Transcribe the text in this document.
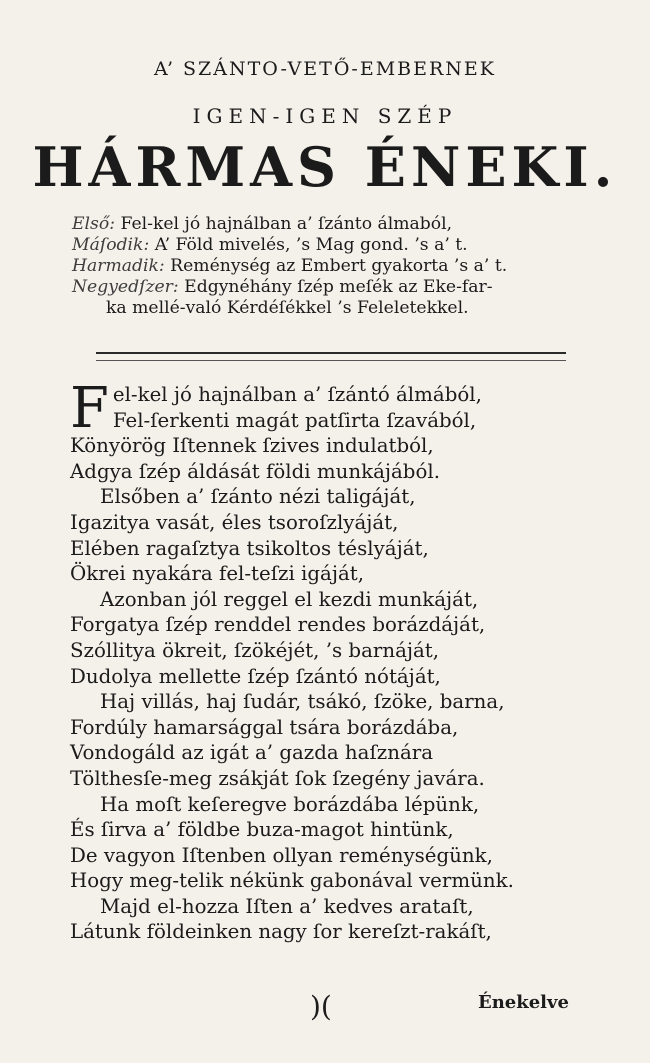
A’ SZÁNTO-VETŐ-EMBERNEK
IGEN-IGEN SZÉP
HÁRMAS ÉNEKI.
Első: Fel-kel jó hajnálban a’ ſzánto álmaból,
Máſodik: A’ Föld mivelés, ’s Mag gond. ’s a’ t.
Harmadik: Reménység az Embert gyakorta ’s a’ t.
Negyedſzer: Edgynéhány ſzép meſék az Eke-far-
ka mellé-való Kérdéſékkel ’s Feleletekkel.
F el-kel jó hajnálban a’ ſzántó álmából,
Fel-ſerkenti magát patſirta ſzavából,
Könyörög Iſtennek ſzives indulatból,
Adgya ſzép áldását földi munkájából.
Elsőben a’ ſzánto nézi taligáját,
Igazitya vasát, éles tsoroſzlyáját,
Elében ragaſztya tsikoltos téslyáját,
Ökrei nyakára fel-teſzi igáját,
Azonban jól reggel el kezdi munkáját,
Forgatya ſzép renddel rendes borázdáját,
Szóllitya ökreit, ſzökéjét, ’s barnáját,
Dudolya mellette ſzép ſzántó nótáját,
Haj villás, haj ſudár, tsákó, ſzöke, barna,
Fordúly hamarsággal tsára borázdába,
Vondogáld az igát a’ gazda haſznára
Tölthesſe-meg zsákját ſok ſzegény javára.
Ha moſt keſeregve borázdába lépünk,
És ſirva a’ földbe buza-magot hintünk,
De vagyon Iſtenben ollyan reménységünk,
Hogy meg-telik nékünk gabonával vermünk.
Majd el-hozza Iſten a’ kedves arataſt,
Látunk földeinken nagy ſor kereſzt-rakáſt,
)(	Énekelve
